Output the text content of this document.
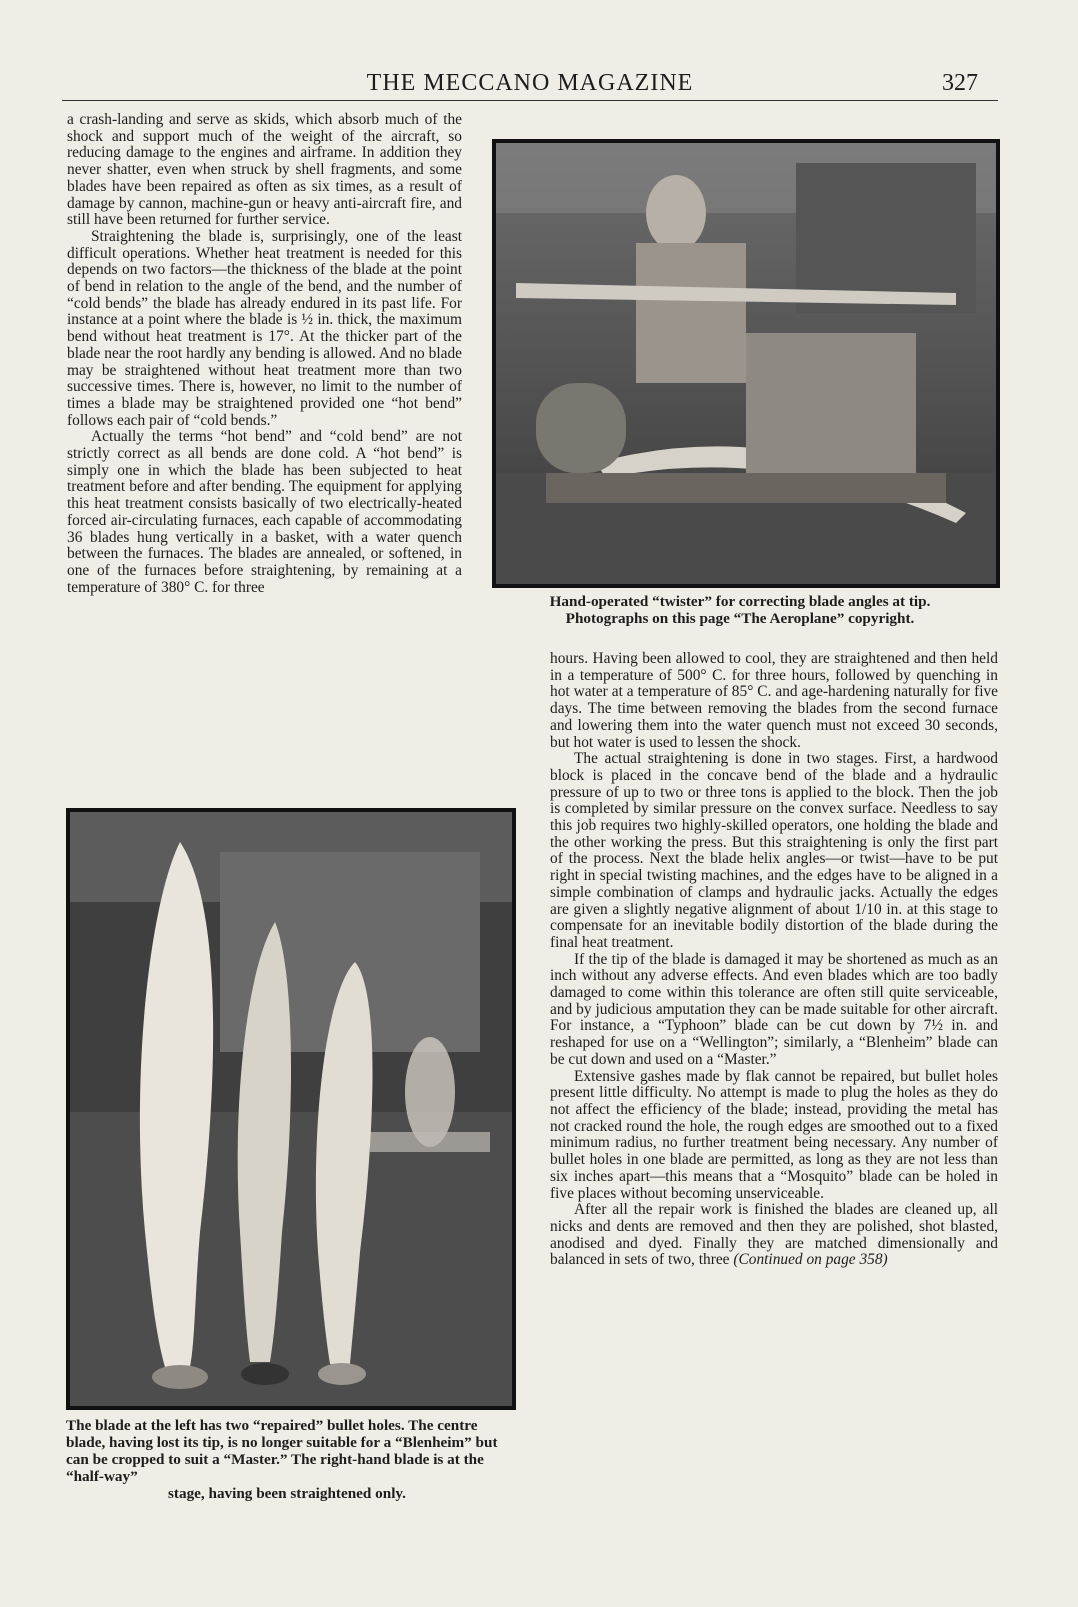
THE MECCANO MAGAZINE	327

a crash-landing and serve as skids, which absorb much of the shock and support much of the weight of the aircraft, so reducing damage to the engines and airframe. In addition they never shatter, even when struck by shell fragments, and some blades have been repaired as often as six times, as a result of damage by cannon, machine-gun or heavy anti-aircraft fire, and still have been returned for further service.

Straightening the blade is, surprisingly, one of the least difficult operations. Whether heat treatment is needed for this depends on two factors—the thickness of the blade at the point of bend in relation to the angle of the bend, and the number of “cold bends” the blade has already endured in its past life. For instance at a point where the blade is ½ in. thick, the maximum bend without heat treatment is 17°. At the thicker part of the blade near the root hardly any bending is allowed. And no blade may be straightened without heat treatment more than two successive times. There is, however, no limit to the number of times a blade may be straightened provided one “hot bend” follows each pair of “cold bends.”

Actually the terms “hot bend” and “cold bend” are not strictly correct as all bends are done cold. A “hot bend” is simply one in which the blade has been subjected to heat treatment before and after bending. The equipment for applying this heat treatment consists basically of two electrically-heated forced air-circulating furnaces, each capable of accommodating 36 blades hung vertically in a basket, with a water quench between the furnaces. The blades are annealed, or softened, in one of the furnaces before straightening, by remaining at a temperature of 380° C. for three

Hand-operated “twister” for correcting blade angles at tip.
Photographs on this page “The Aeroplane” copyright.
The blade at the left has two “repaired” bullet holes. The centre blade, having lost its tip, is no longer suitable for a “Blenheim” but can be cropped to suit a “Master.” The right-hand blade is at the “half-way”
stage, having been straightened only.

hours. Having been allowed to cool, they are straightened and then held in a temperature of 500° C. for three hours, followed by quenching in hot water at a temperature of 85° C. and age-hardening naturally for five days. The time between removing the blades from the second furnace and lowering them into the water quench must not exceed 30 seconds, but hot water is used to lessen the shock.

The actual straightening is done in two stages. First, a hardwood block is placed in the concave bend of the blade and a hydraulic pressure of up to two or three tons is applied to the block. Then the job is completed by similar pressure on the convex surface. Needless to say this job requires two highly-skilled operators, one holding the blade and the other working the press. But this straightening is only the first part of the process. Next the blade helix angles—or twist—have to be put right in special twisting machines, and the edges have to be aligned in a simple combination of clamps and hydraulic jacks. Actually the edges are given a slightly negative alignment of about 1/10 in. at this stage to compensate for an inevitable bodily distortion of the blade during the final heat treatment.

If the tip of the blade is damaged it may be shortened as much as an inch without any adverse effects. And even blades which are too badly damaged to come within this tolerance are often still quite serviceable, and by judicious amputation they can be made suitable for other aircraft. For instance, a “Typhoon” blade can be cut down by 7½ in. and reshaped for use on a “Wellington”; similarly, a “Blenheim” blade can be cut down and used on a “Master.”

Extensive gashes made by flak cannot be repaired, but bullet holes present little difficulty. No attempt is made to plug the holes as they do not affect the efficiency of the blade; instead, providing the metal has not cracked round the hole, the rough edges are smoothed out to a fixed minimum radius, no further treatment being necessary. Any number of bullet holes in one blade are permitted, as long as they are not less than six inches apart—this means that a “Mosquito” blade can be holed in five places without becoming unserviceable.

After all the repair work is finished the blades are cleaned up, all nicks and dents are removed and then they are polished, shot blasted, anodised and dyed. Finally they are matched dimensionally and balanced in sets of two, three (Continued on page 358)
